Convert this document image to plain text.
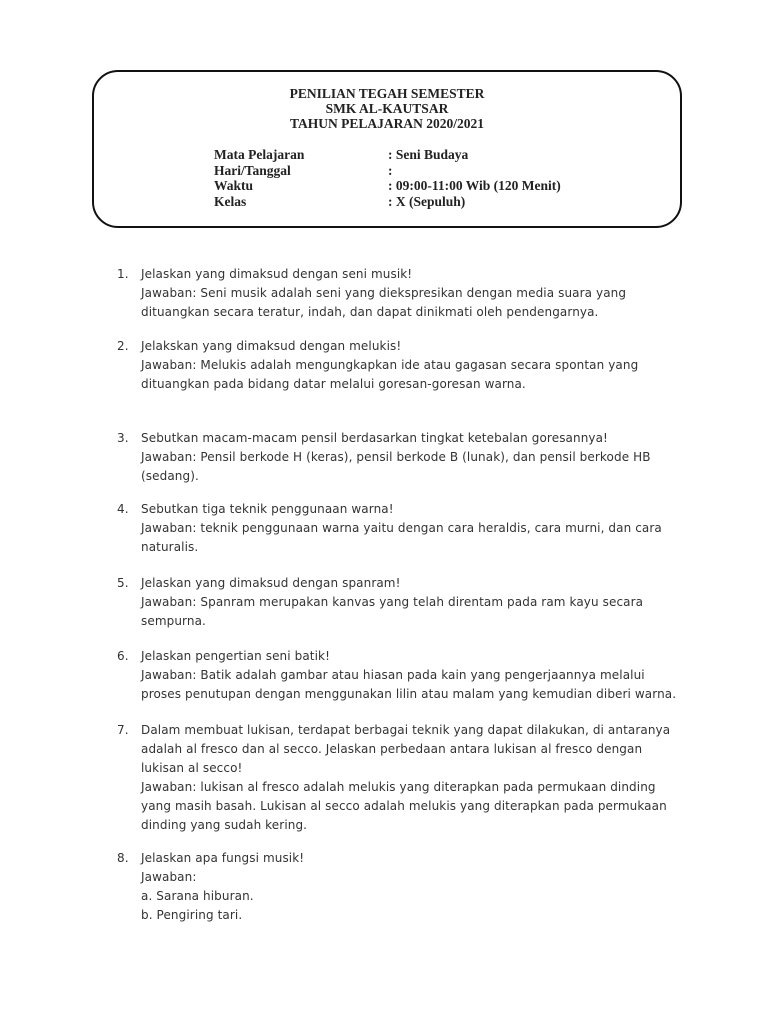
PENILIAN TEGAH SEMESTER
SMK AL-KAUTSAR
TAHUN PELAJARAN 2020/2021
Mata Pelajaran	: Seni Budaya
Hari/Tanggal	:
Waktu	: 09:00-11:00 Wib (120 Menit)
Kelas	: X (Sepuluh)
1. Jelaskan yang dimaksud dengan seni musik!
Jawaban: Seni musik adalah seni yang diekspresikan dengan media suara yang
dituangkan secara teratur, indah, dan dapat dinikmati oleh pendengarnya.
2. Jelakskan yang dimaksud dengan melukis!
Jawaban: Melukis adalah mengungkapkan ide atau gagasan secara spontan yang
dituangkan pada bidang datar melalui goresan-goresan warna.
3. Sebutkan macam-macam pensil berdasarkan tingkat ketebalan goresannya!
Jawaban: Pensil berkode H (keras), pensil berkode B (lunak), dan pensil berkode HB
(sedang).
4. Sebutkan tiga teknik penggunaan warna!
Jawaban: teknik penggunaan warna yaitu dengan cara heraldis, cara murni, dan cara
naturalis.
5. Jelaskan yang dimaksud dengan spanram!
Jawaban: Spanram merupakan kanvas yang telah direntam pada ram kayu secara
sempurna.
6. Jelaskan pengertian seni batik!
Jawaban: Batik adalah gambar atau hiasan pada kain yang pengerjaannya melalui
proses penutupan dengan menggunakan lilin atau malam yang kemudian diberi warna.
7. Dalam membuat lukisan, terdapat berbagai teknik yang dapat dilakukan, di antaranya
adalah al fresco dan al secco. Jelaskan perbedaan antara lukisan al fresco dengan
lukisan al secco!
Jawaban: lukisan al fresco adalah melukis yang diterapkan pada permukaan dinding
yang masih basah. Lukisan al secco adalah melukis yang diterapkan pada permukaan
dinding yang sudah kering.
8. Jelaskan apa fungsi musik!
Jawaban:
a. Sarana hiburan.
b. Pengiring tari.
